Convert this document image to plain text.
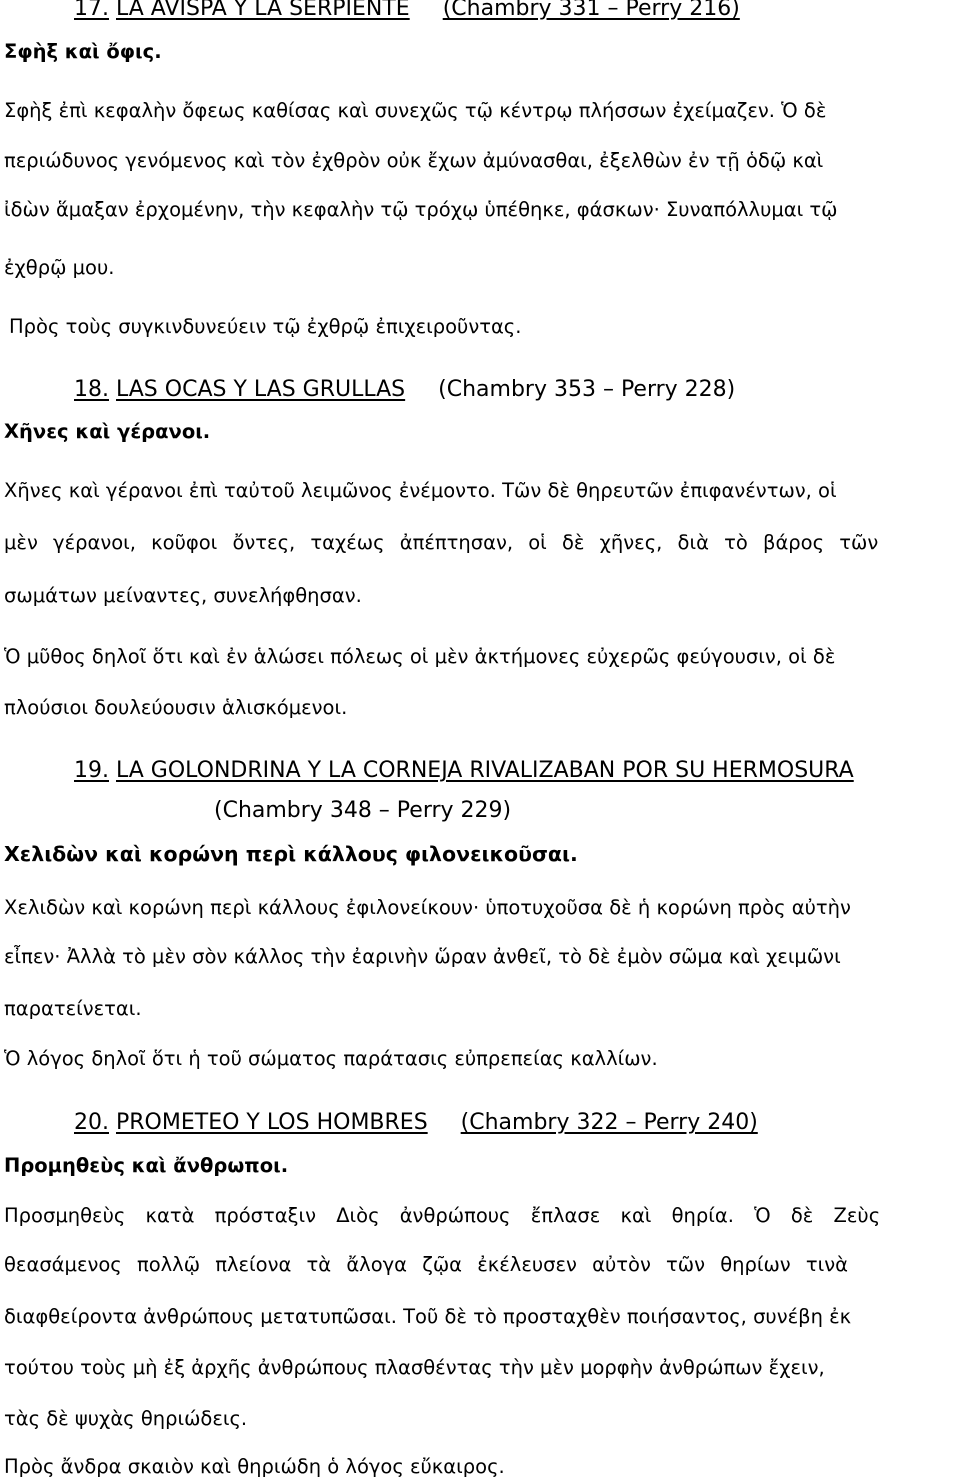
17. LA AVISPA Y LA SERPIENTE (Chambry 331 – Perry 216)
Σφὴξ καὶ ὄφις.
Σφὴξ ἐπὶ κεφαλὴν ὄφεως καθίσας καὶ συνεχῶς τῷ κέντρῳ πλήσσων ἐχείμαζεν. Ὁ δὲ
περιώδυνος γενόμενος καὶ τὸν ἐχθρὸν οὐκ ἔχων ἀμύνασθαι, ἐξελθὼν ἐν τῇ ὁδῷ καὶ
ἰδὼν ἅμαξαν ἐρχομένην, τὴν κεφαλὴν τῷ τρόχῳ ὑπέθηκε, φάσκων· Συναπόλλυμαι τῷ
ἐχθρῷ μου.
Πρὸς τοὺς συγκινδυνεύειν τῷ ἐχθρῷ ἐπιχειροῦντας.
18. LAS OCAS Y LAS GRULLAS (Chambry 353 – Perry 228)
Χῆνες καὶ γέρανοι.
Χῆνες καὶ γέρανοι ἐπὶ ταὐτοῦ λειμῶνος ἐνέμοντο. Τῶν δὲ θηρευτῶν ἐπιφανέντων, οἱ
μὲν γέρανοι, κοῦφοι ὄντες, ταχέως ἀπέπτησαν, οἱ δὲ χῆνες, διὰ τὸ βάρος τῶν
σωμάτων μείναντες, συνελήφθησαν.
Ὁ μῦθος δηλοῖ ὅτι καὶ ἐν ἁλώσει πόλεως οἱ μὲν ἀκτήμονες εὐχερῶς φεύγουσιν, οἱ δὲ
πλούσιοι δουλεύουσιν ἁλισκόμενοι.
19. LA GOLONDRINA Y LA CORNEJA RIVALIZABAN POR SU HERMOSURA
(Chambry 348 – Perry 229)
Χελιδὼν καὶ κορώνη περὶ κάλλους φιλονεικοῦσαι.
Χελιδὼν καὶ κορώνη περὶ κάλλους ἐφιλονείκουν· ὑποτυχοῦσα δὲ ἡ κορώνη πρὸς αὐτὴν
εἶπεν· Ἀλλὰ τὸ μὲν σὸν κάλλος τὴν ἐαρινὴν ὥραν ἀνθεῖ, τὸ δὲ ἐμὸν σῶμα καὶ χειμῶνι
παρατείνεται.
Ὁ λόγος δηλοῖ ὅτι ἡ τοῦ σώματος παράτασις εὐπρεπείας καλλίων.
20. PROMETEO Y LOS HOMBRES (Chambry 322 – Perry 240)
Προμηθεὺς καὶ ἄνθρωποι.
Προσμηθεὺς κατὰ πρόσταξιν Διὸς ἀνθρώπους ἔπλασε καὶ θηρία. Ὁ δὲ Ζεὺς
θεασάμενος πολλῷ πλείονα τὰ ἄλογα ζῷα ἐκέλευσεν αὐτὸν τῶν θηρίων τινὰ
διαφθείροντα ἀνθρώπους μετατυπῶσαι. Τοῦ δὲ τὸ προσταχθὲν ποιήσαντος, συνέβη ἐκ
τούτου τοὺς μὴ ἐξ ἀρχῆς ἀνθρώπους πλασθέντας τὴν μὲν μορφὴν ἀνθρώπων ἔχειν,
τὰς δὲ ψυχὰς θηριώδεις.
Πρὸς ἄνδρα σκαιὸν καὶ θηριώδη ὁ λόγος εὔκαιρος.
